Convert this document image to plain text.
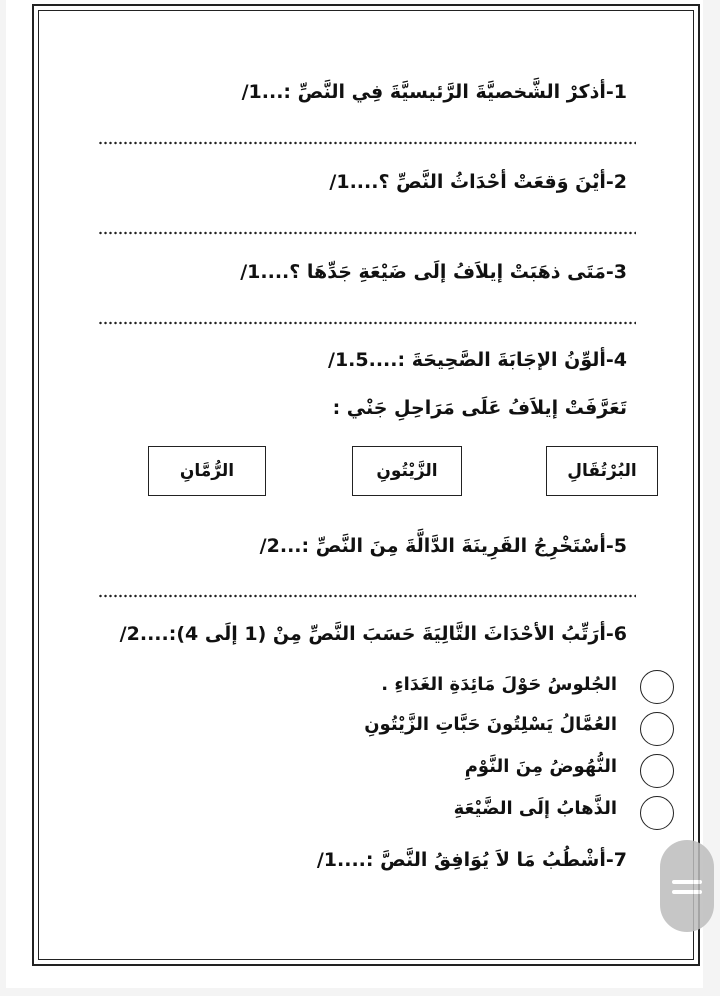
1-أذكرْ الشَّخصيَّةَ الرَّئيسيَّةَ فِي النَّصِّ :...1/
2-أيْنَ وَقعَتْ أحْدَاثُ النَّصِّ ؟....1/
3-مَتَى ذهَبَتْ إيلاَفُ إلَى ضَيْعَةِ جَدِّهَا ؟....1/
4-ألوِّنُ الإجَابَةَ الصَّحِيحَةَ :....1.5/
تَعَرَّفَتْ إيلاَفُ عَلَى مَرَاحِلِ جَنْي :
البُرْتُقَالِ
الزَّيْتُونِ
الرُّمَّانِ
5-أسْتَخْرِجُ القَرِينَةَ الدَّالَّةَ مِنَ النَّصِّ :...2/
6-أرَتِّبُ الأحْدَاثَ التَّالِيَةَ حَسَبَ النَّصِّ مِنْ (1 إلَى 4):....2/
الجُلوسُ حَوْلَ مَائِدَةِ الغَدَاءِ .
العُمَّالُ يَسْلِتُونَ حَبَّاتِ الزَّيْتُونِ
النُّهُوضُ مِنَ النَّوْمِ
الذَّهابُ إلَى الضَّيْعَةِ
7-أشْطُبُ مَا لاَ يُوَافِقُ النَّصَّ :....1/
